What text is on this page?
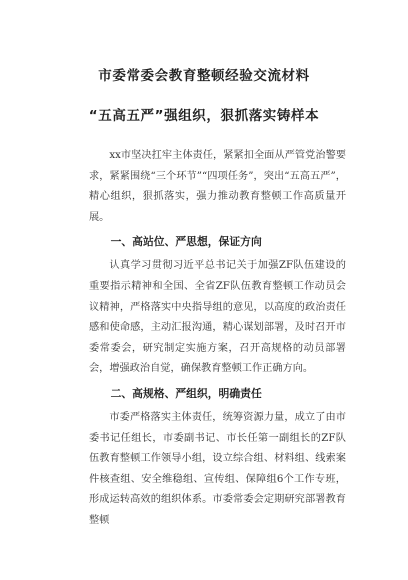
市委常委会教育整顿经验交流材料
“五高五严”强组织，狠抓落实铸样本

xx市坚决扛牢主体责任，紧紧扣全面从严管党治警要求，紧紧围绕“三个环节”“四项任务”，突出“五高五严”，精心组织，狠抓落实，强力推动教育整顿工作高质量开展。

一、高站位、严思想，保证方向

认真学习贯彻习近平总书记关于加强ZF队伍建设的重要指示精神和全国、全省ZF队伍教育整顿工作动员会议精神，严格落实中央指导组的意见，以高度的政治责任感和使命感，主动汇报沟通，精心谋划部署，及时召开市委常委会，研究制定实施方案，召开高规格的动员部署会，增强政治自觉，确保教育整顿工作正确方向。

二、高规格、严组织，明确责任

市委严格落实主体责任，统筹资源力量，成立了由市委书记任组长，市委副书记、市长任第一副组长的ZF队伍教育整顿工作领导小组，设立综合组、材料组、线索案件核查组、安全维稳组、宣传组、保障组6个工作专班，形成运转高效的组织体系。市委常委会定期研究部署教育整顿
